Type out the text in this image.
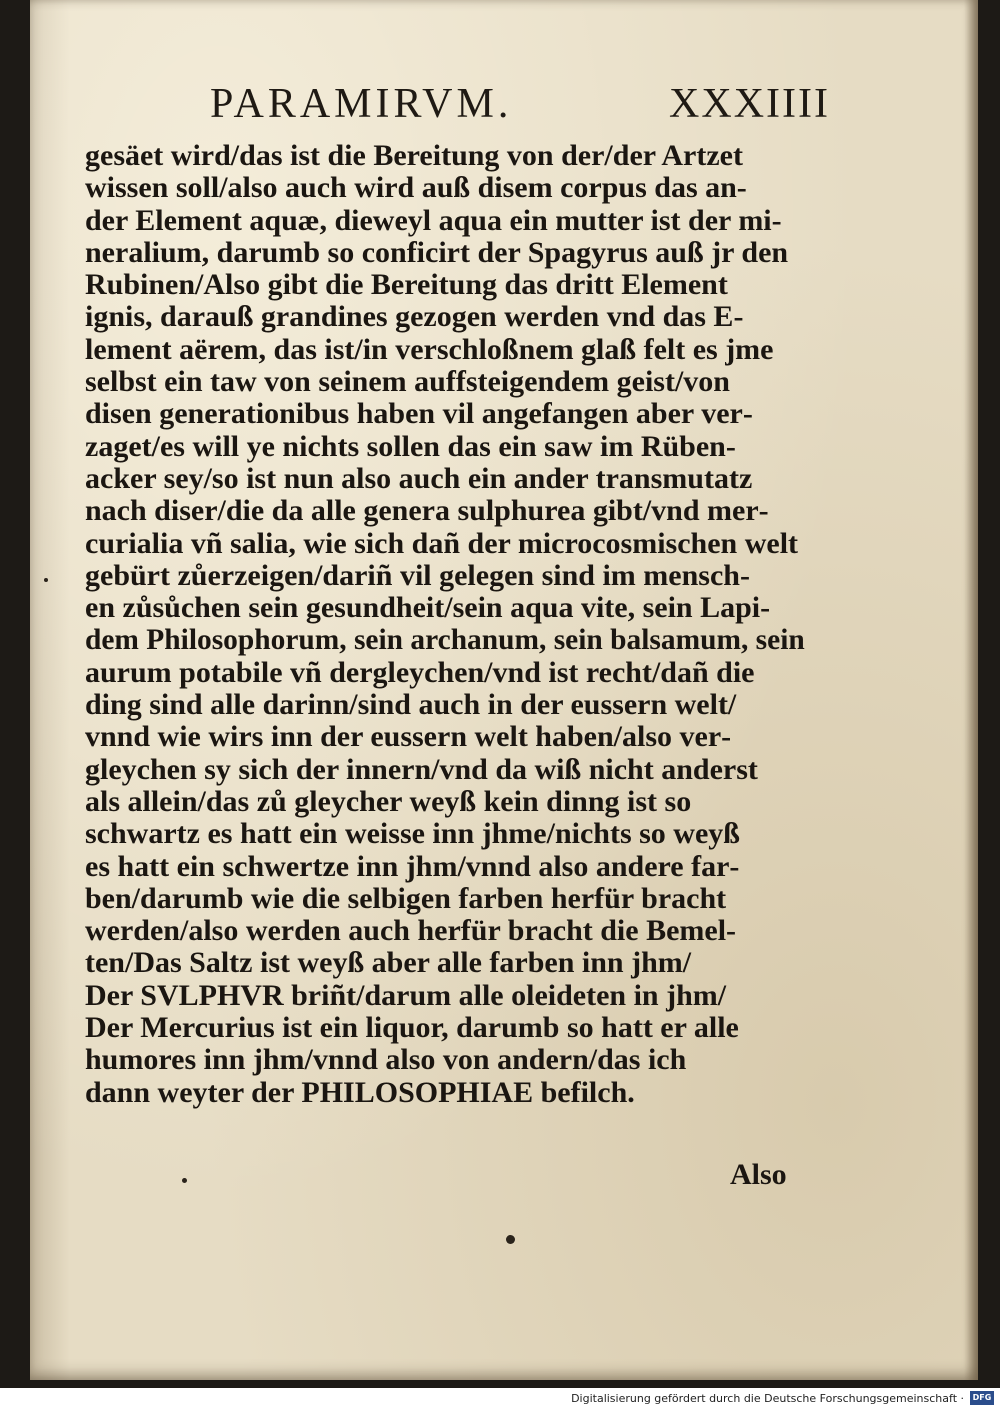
PARAMIRVM.	XXXIIII
gesäet wird/das ist die Bereitung von der/der Artzet
wissen soll/also auch wird auß disem corpus das an‑
der Element aquæ, dieweyl aqua ein mutter ist der mi‑
neralium, darumb so conficirt der Spagyrus auß jr den
Rubinen/Also gibt die Bereitung das dritt Element
ignis, darauß grandines gezogen werden vnd das E‑
lement aërem, das ist/in verschloßnem glaß felt es jme
selbst ein taw von seinem auffsteigendem geist/von
disen generationibus haben vil angefangen aber ver‑
zaget/es will ye nichts sollen das ein saw im Rüben‑
acker sey/so ist nun also auch ein ander transmutatz
nach diser/die da alle genera sulphurea gibt/vnd mer‑
curialia vñ salia, wie sich dañ der microcosmischen welt
gebürt zůerzeigen/dariñ vil gelegen sind im mensch‑
en zůsůchen sein gesundheit/sein aqua vite, sein Lapi‑
dem Philosophorum, sein archanum, sein balsamum, sein
aurum potabile vñ dergleychen/vnd ist recht/dañ die
ding sind alle darinn/sind auch in der eussern welt/
vnnd wie wirs inn der eussern welt haben/also ver‑
gleychen sy sich der innern/vnd da wiß nicht anderst
als allein/das zů gleycher weyß kein dinng ist so
schwartz es hatt ein weisse inn jhme/nichts so weyß
es hatt ein schwertze inn jhm/vnnd also andere far‑
ben/darumb wie die selbigen farben herfür bracht
werden/also werden auch herfür bracht die Bemel‑
ten/Das Saltz ist weyß aber alle farben inn jhm/
Der SVLPHVR briñt/darum alle oleideten in jhm/
Der Mercurius ist ein liquor, darumb so hatt er alle
humores inn jhm/vnnd also von andern/das ich
dann weyter der PHILOSOPHIAE befilch.
Also
Digitalisierung gefördert durch die Deutsche Forschungsgemeinschaft ·	DFG
